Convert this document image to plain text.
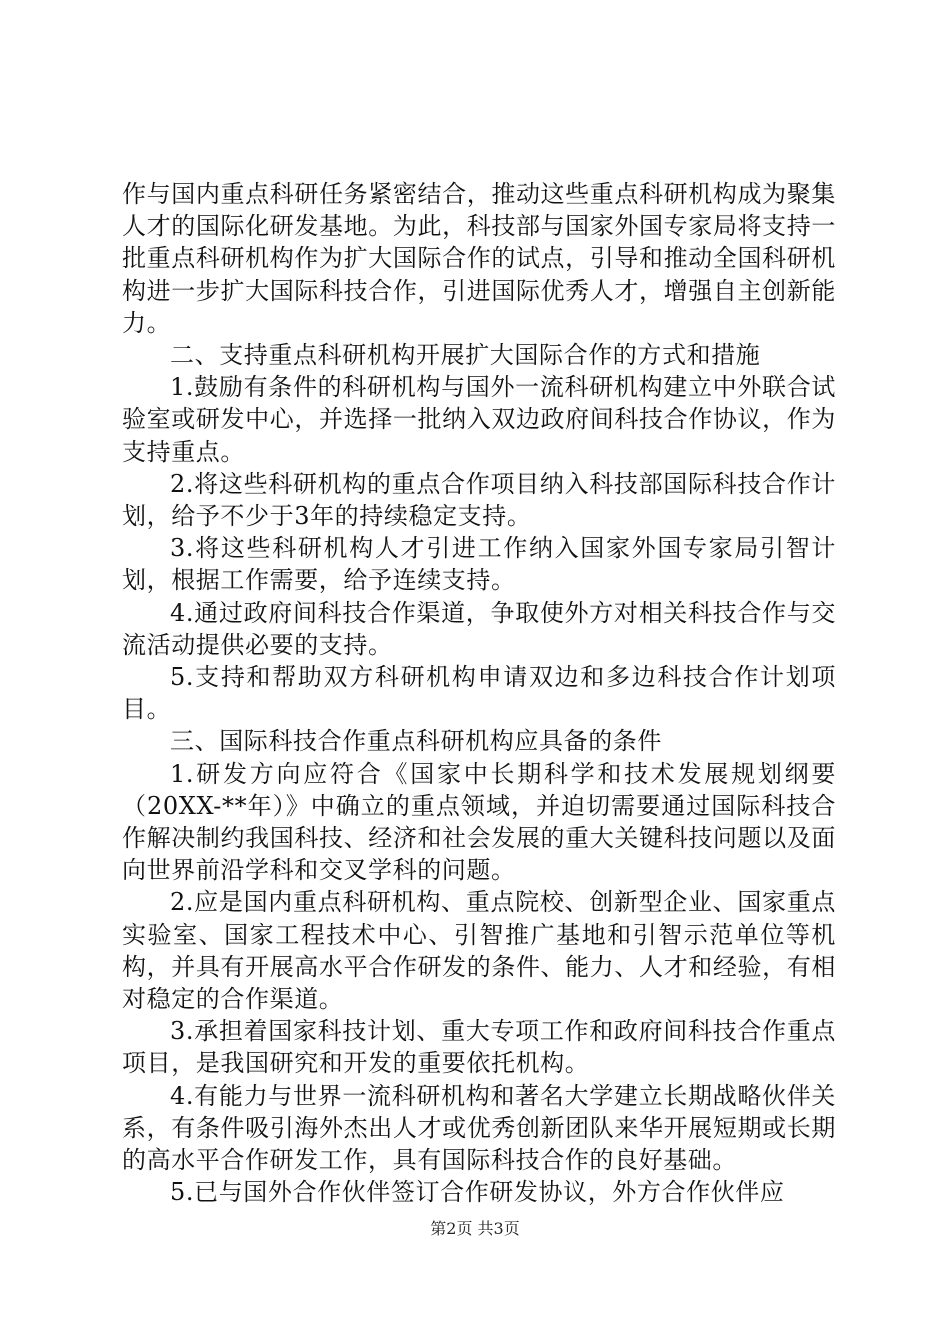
作与国内重点科研任务紧密结合，推动这些重点科研机构成为聚集人才的国际化研发基地。为此，科技部与国家外国专家局将支持一批重点科研机构作为扩大国际合作的试点，引导和推动全国科研机构进一步扩大国际科技合作，引进国际优秀人才，增强自主创新能力。

二、支持重点科研机构开展扩大国际合作的方式和措施

1.鼓励有条件的科研机构与国外一流科研机构建立中外联合试验室或研发中心，并选择一批纳入双边政府间科技合作协议，作为支持重点。

2.将这些科研机构的重点合作项目纳入科技部国际科技合作计划，给予不少于3年的持续稳定支持。

3.将这些科研机构人才引进工作纳入国家外国专家局引智计划，根据工作需要，给予连续支持。

4.通过政府间科技合作渠道，争取使外方对相关科技合作与交流活动提供必要的支持。

5.支持和帮助双方科研机构申请双边和多边科技合作计划项目。

三、国际科技合作重点科研机构应具备的条件

1.研发方向应符合《国家中长期科学和技术发展规划纲要（20XX-**年）》中确立的重点领域，并迫切需要通过国际科技合作解决制约我国科技、经济和社会发展的重大关键科技问题以及面向世界前沿学科和交叉学科的问题。

2.应是国内重点科研机构、重点院校、创新型企业、国家重点实验室、国家工程技术中心、引智推广基地和引智示范单位等机构，并具有开展高水平合作研发的条件、能力、人才和经验，有相对稳定的合作渠道。

3.承担着国家科技计划、重大专项工作和政府间科技合作重点项目，是我国研究和开发的重要依托机构。

4.有能力与世界一流科研机构和著名大学建立长期战略伙伴关系，有条件吸引海外杰出人才或优秀创新团队来华开展短期或长期的高水平合作研发工作，具有国际科技合作的良好基础。

5.已与国外合作伙伴签订合作研发协议，外方合作伙伴应

第2页 共3页
